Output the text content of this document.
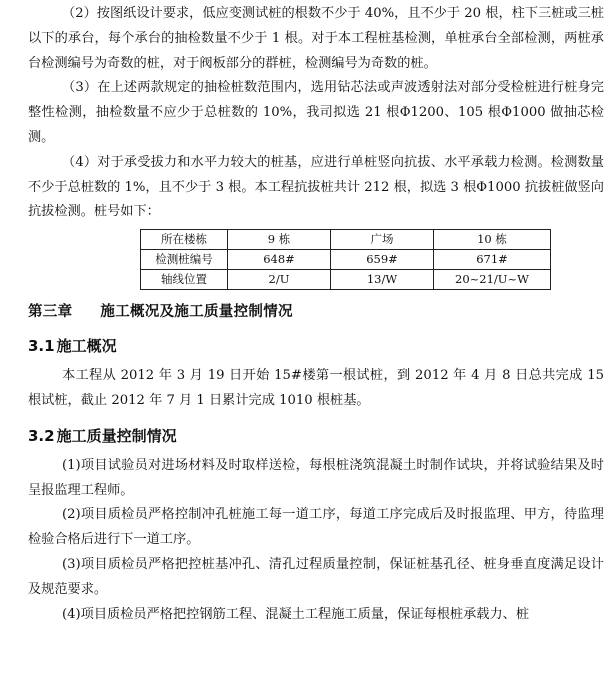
（2）按图纸设计要求，低应变测试桩的根数不少于 40%，且不少于 20 根，柱下三桩或三桩以下的承台，每个承台的抽检数量不少于 1 根。对于本工程桩基检测，单桩承台全部检测，两桩承台检测编号为奇数的桩，对于阀板部分的群桩，检测编号为奇数的桩。

（3）在上述两款规定的抽检桩数范围内，选用钻芯法或声波透射法对部分受检桩进行桩身完整性检测，抽检数量不应少于总桩数的 10%，我司拟选 21 根Φ1200、105 根Φ1000 做抽芯检测。

（4）对于承受拔力和水平力较大的桩基，应进行单桩竖向抗拔、水平承载力检测。检测数量不少于总桩数的 1%，且不少于 3 根。本工程抗拔桩共计 212 根，拟选 3 根Φ1000 抗拔桩做竖向抗拔检测。桩号如下：

所在楼栋	9 栋	广场	10 栋
检测桩编号	648#	659#	671#
轴线位置	2/U	13/W	20~21/U~W
第三章 施工概况及施工质量控制情况
3.1 施工概况

本工程从 2012 年 3 月 19 日开始 15#楼第一根试桩，到 2012 年 4 月 8 日总共完成 15 根试桩，截止 2012 年 7 月 1 日累计完成 1010 根桩基。

3.2 施工质量控制情况

(1)项目试验员对进场材料及时取样送检，每根桩浇筑混凝土时制作试块，并将试验结果及时呈报监理工程师。

(2)项目质检员严格控制冲孔桩施工每一道工序，每道工序完成后及时报监理、甲方，待监理检验合格后进行下一道工序。

(3)项目质检员严格把控桩基冲孔、清孔过程质量控制，保证桩基孔径、桩身垂直度满足设计及规范要求。

(4)项目质检员严格把控钢筋工程、混凝土工程施工质量，保证每根桩承载力、桩
